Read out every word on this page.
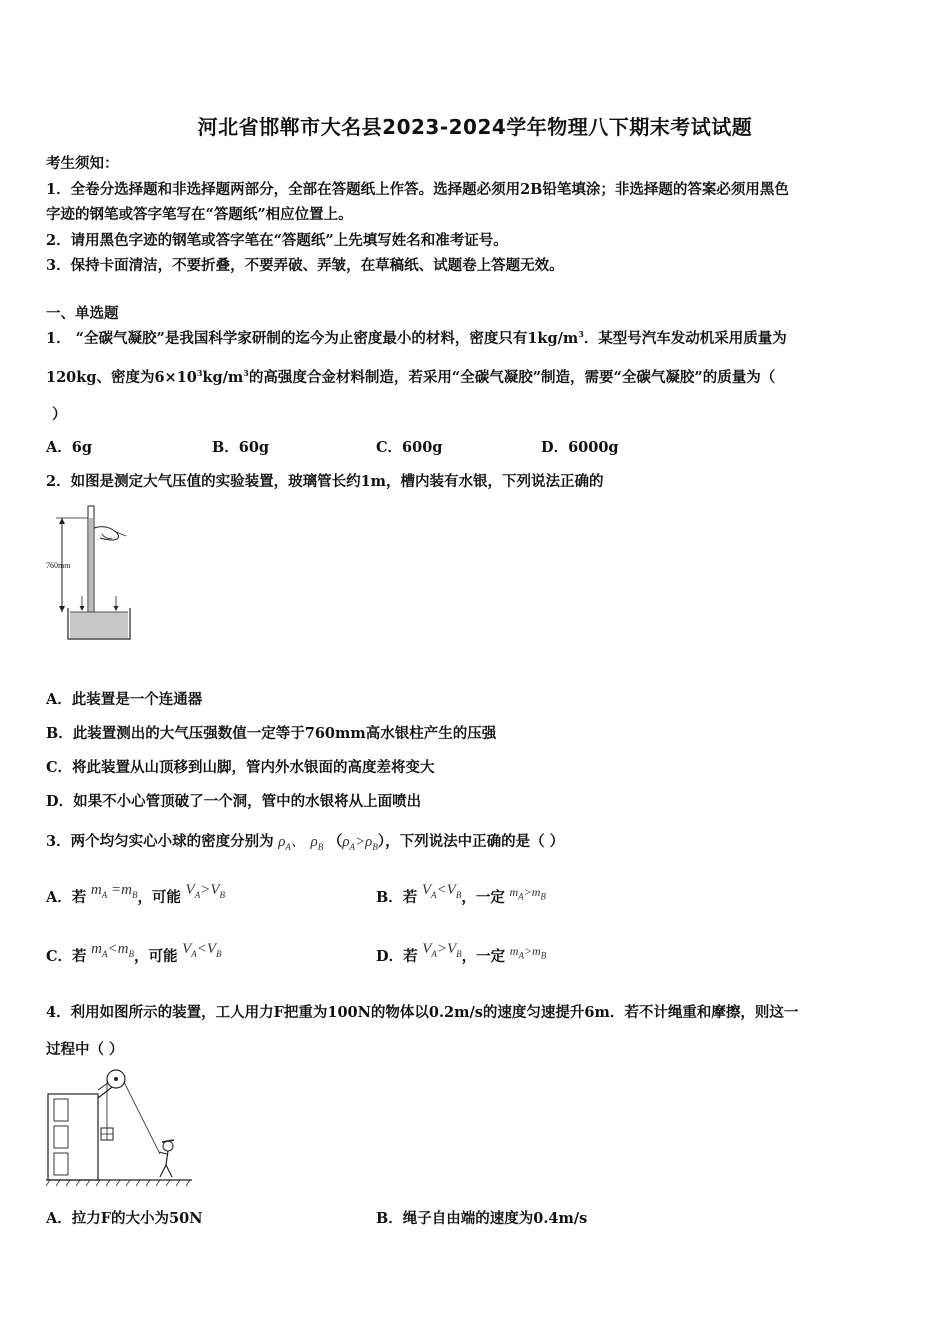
河北省邯郸市大名县2023-2024学年物理八下期末考试试题
考生须知：
1．全卷分选择题和非选择题两部分，全部在答题纸上作答。选择题必须用2B铅笔填涂；非选择题的答案必须用黑色
字迹的钢笔或答字笔写在“答题纸”相应位置上。
2．请用黑色字迹的钢笔或答字笔在“答题纸”上先填写姓名和准考证号。
3．保持卡面清洁，不要折叠，不要弄破、弄皱，在草稿纸、试题卷上答题无效。
一、单选题
1． “全碳气凝胶”是我国科学家研制的迄今为止密度最小的材料，密度只有$1kg/m^3$．某型号汽车发动机采用质量为
120kg、密度为$6\times 10^3kg/m^3$的高强度合金材料制造，若采用“全碳气凝胶”制造，需要“全碳气凝胶”的质量为（
）
A．6g	B．60g	C．600g	D．6000g
2．如图是测定大气压值的实验装置，玻璃管长约1m，槽内装有水银，下列说法正确的
760mm
A．此装置是一个连通器
B．此装置测出的大气压强数值一定等于760mm高水银柱产生的压强
C．将此装置从山顶移到山脚，管内外水银面的高度差将变大
D．如果不小心管顶破了一个洞，管中的水银将从上面喷出
3．两个均匀实心小球的密度分别为 $\rho_A$、 $\rho_B$ $(\rho_A>\rho_B)$，下列说法中正确的是（ ）
A．若 $m_A =m_B$，可能 $V_A>V_B$	B．若 $V_A<V_B$，一定 $^{m_A>m_B}$
C．若 $m_A<m_B$，可能 $V_A<V_B$	D．若 $V_A>V_B$，一定 $^{m_A>m_B}$
4．利用如图所示的装置，工人用力F把重为100N的物体以0.2m/s的速度匀速提升6m．若不计绳重和摩擦，则这一
过程中（ ）
A．拉力F的大小为50N	B．绳子自由端的速度为0.4m/s
